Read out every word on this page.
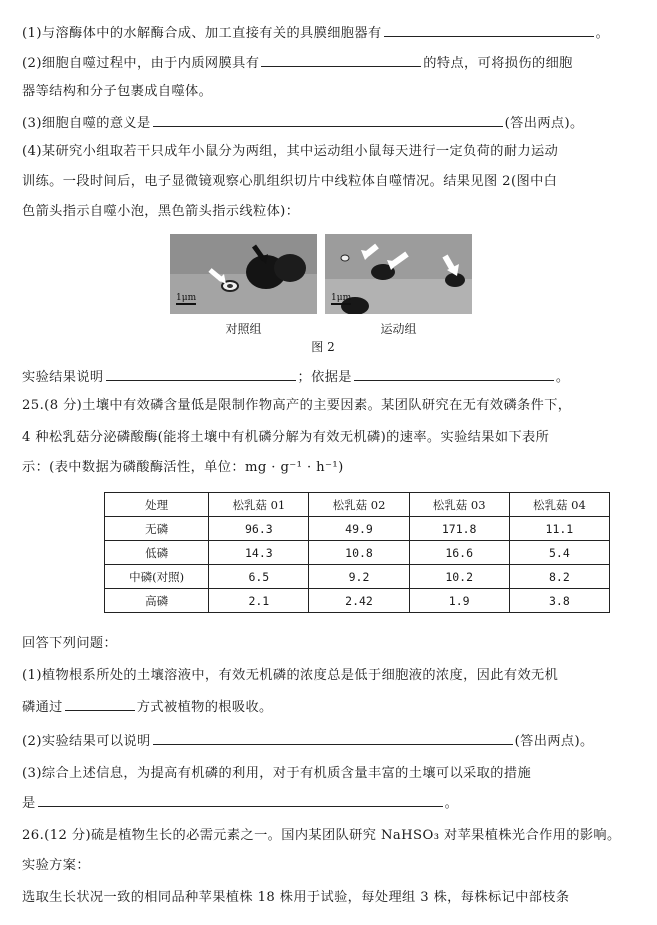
(1)与溶酶体中的水解酶合成、加工直接有关的具膜细胞器有	。
(2)细胞自噬过程中，由于内质网膜具有	的特点，可将损伤的细胞
器等结构和分子包裹成自噬体。
(3)细胞自噬的意义是	(答出两点)。
(4)某研究小组取若干只成年小鼠分为两组，其中运动组小鼠每天进行一定负荷的耐力运动
训练。一段时间后，电子显微镜观察心肌组织切片中线粒体自噬情况。结果见图 2(图中白
色箭头指示自噬小泡，黑色箭头指示线粒体)：
1μm	1μm
对照组	运动组
图 2
实验结果说明	；依据是	。
25.(8 分)土壤中有效磷含量低是限制作物高产的主要因素。某团队研究在无有效磷条件下，
4 种松乳菇分泌磷酸酶(能将土壤中有机磷分解为有效无机磷)的速率。实验结果如下表所
示：(表中数据为磷酸酶活性，单位：mg · g⁻¹ · h⁻¹)
处理	松乳菇 01	松乳菇 02	松乳菇 03	松乳菇 04
无磷	96.3	49.9	171.8	11.1
低磷	14.3	10.8	16.6	5.4
中磷(对照)	6.5	9.2	10.2	8.2
高磷	2.1	2.42	1.9	3.8
回答下列问题：
(1)植物根系所处的土壤溶液中，有效无机磷的浓度总是低于细胞液的浓度，因此有效无机
磷通过	方式被植物的根吸收。
(2)实验结果可以说明	(答出两点)。
(3)综合上述信息，为提高有机磷的利用，对于有机质含量丰富的土壤可以采取的措施
是	。
26.(12 分)硫是植物生长的必需元素之一。国内某团队研究 NaHSO₃ 对苹果植株光合作用的影响。
实验方案：
选取生长状况一致的相同品种苹果植株 18 株用于试验，每处理组 3 株，每株标记中部枝条
